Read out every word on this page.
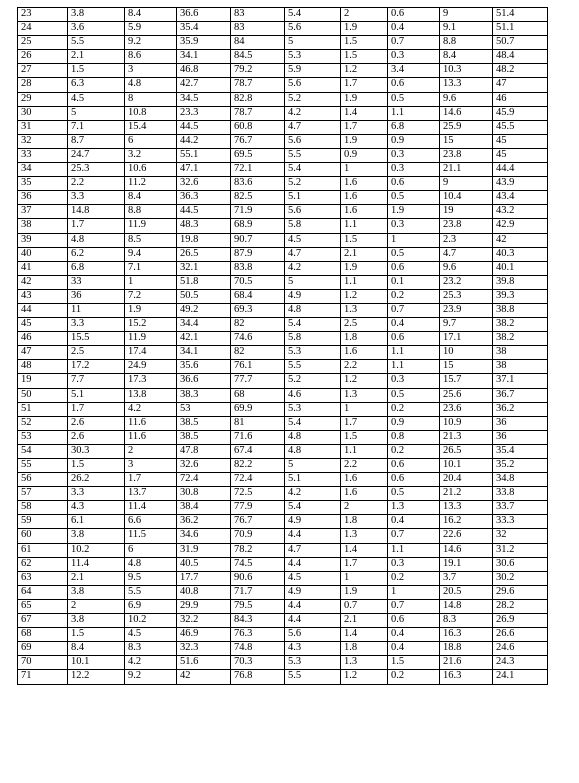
23	3.8	8.4	36.6	83	5.4	2	0.6	9	51.4
24	3.6	5.9	35.4	83	5.6	1.9	0.4	9.1	51.1
25	5.5	9.2	35.9	84	5	1.5	0.7	8.8	50.7
26	2.1	8.6	34.1	84.5	5.3	1.5	0.3	8.4	48.4
27	1.5	3	46.8	79.2	5.9	1.2	3.4	10.3	48.2
28	6.3	4.8	42.7	78.7	5.6	1.7	0.6	13.3	47
29	4.5	8	34.5	82.8	5.2	1.9	0.5	9.6	46
30	5	10.8	23.3	78.7	4.2	1.4	1.1	14.6	45.9
31	7.1	15.4	44.5	60.8	4.7	1.7	6.8	25.9	45.5
32	8.7	6	44.2	76.7	5.6	1.9	0.9	15	45
33	24.7	3.2	55.1	69.5	5.5	0.9	0.3	23.8	45
34	25.3	10.6	47.1	72.1	5.4	1	0.3	21.1	44.4
35	2.2	11.2	32.6	83.6	5.2	1.6	0.6	9	43.9
36	3.3	8.4	36.3	82.5	5.1	1.6	0.5	10.4	43.4
37	14.8	8.8	44.5	71.9	5.6	1.6	1.9	19	43.2
38	1.7	11.9	48.3	68.9	5.8	1.1	0.3	23.8	42.9
39	4.8	8.5	19.8	90.7	4.5	1.5	1	2.3	42
40	6.2	9.4	26.5	87.9	4.7	2.1	0.5	4.7	40.3
41	6.8	7.1	32.1	83.8	4.2	1.9	0.6	9.6	40.1
42	33	1	51.8	70.5	5	1.1	0.1	23.2	39.8
43	36	7.2	50.5	68.4	4.9	1.2	0.2	25.3	39.3
44	11	1.9	49.2	69.3	4.8	1.3	0.7	23.9	38.8
45	3.3	15.2	34.4	82	5.4	2.5	0.4	9.7	38.2
46	15.5	11.9	42.1	74.6	5.8	1.8	0.6	17.1	38.2
47	2.5	17.4	34.1	82	5.3	1.6	1.1	10	38
48	17.2	24.9	35.6	76.1	5.5	2.2	1.1	15	38
19	7.7	17.3	36.6	77.7	5.2	1.2	0.3	15.7	37.1
50	5.1	13.8	38.3	68	4.6	1.3	0.5	25.6	36.7
51	1.7	4.2	53	69.9	5.3	1	0.2	23.6	36.2
52	2.6	11.6	38.5	81	5.4	1.7	0.9	10.9	36
53	2.6	11.6	38.5	71.6	4.8	1.5	0.8	21.3	36
54	30.3	2	47.8	67.4	4.8	1.1	0.2	26.5	35.4
55	1.5	3	32.6	82.2	5	2.2	0.6	10.1	35.2
56	26.2	1.7	72.4	72.4	5.1	1.6	0.6	20.4	34.8
57	3.3	13.7	30.8	72.5	4.2	1.6	0.5	21.2	33.8
58	4.3	11.4	38.4	77.9	5.4	2	1.3	13.3	33.7
59	6.1	6.6	36.2	76.7	4.9	1.8	0.4	16.2	33.3
60	3.8	11.5	34.6	70.9	4.4	1.3	0.7	22.6	32
61	10.2	6	31.9	78.2	4.7	1.4	1.1	14.6	31.2
62	11.4	4.8	40.5	74.5	4.4	1.7	0.3	19.1	30.6
63	2.1	9.5	17.7	90.6	4.5	1	0.2	3.7	30.2
64	3.8	5.5	40.8	71.7	4.9	1.9	1	20.5	29.6
65	2	6.9	29.9	79.5	4.4	0.7	0.7	14.8	28.2
67	3.8	10.2	32.2	84.3	4.4	2.1	0.6	8.3	26.9
68	1.5	4.5	46.9	76.3	5.6	1.4	0.4	16.3	26.6
69	8.4	8.3	32.3	74.8	4.3	1.8	0.4	18.8	24.6
70	10.1	4.2	51.6	70.3	5.3	1.3	1.5	21.6	24.3
71	12.2	9.2	42	76.8	5.5	1.2	0.2	16.3	24.1
